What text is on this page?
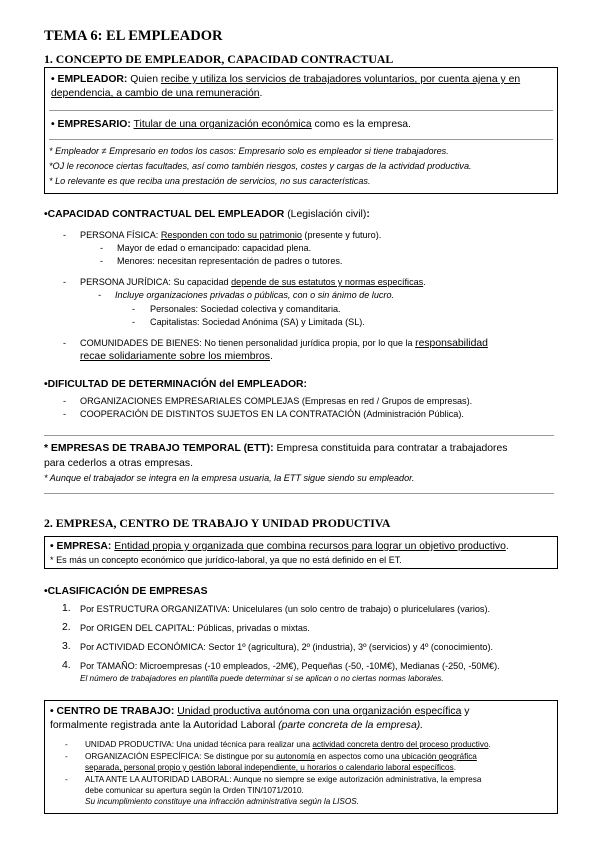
TEMA 6: EL EMPLEADOR
1. CONCEPTO DE EMPLEADOR, CAPACIDAD CONTRACTUAL
• EMPLEADOR: Quien recibe y utiliza los servicios de trabajadores voluntarios, por cuenta ajena y en
dependencia, a cambio de una remuneración.
• EMPRESARIO: Titular de una organización económica como es la empresa.
* Empleador ≠ Empresario en todos los casos: Empresario solo es empleador si tiene trabajadores.
*OJ le reconoce ciertas facultades, así como también riesgos, costes y cargas de la actividad productiva.
* Lo relevante es que reciba una prestación de servicios, no sus características.
•CAPACIDAD CONTRACTUAL DEL EMPLEADOR (Legislación civil):
- PERSONA FÍSICA: Responden con todo su patrimonio (presente y futuro).
- Mayor de edad o emancipado: capacidad plena.
- Menores: necesitan representación de padres o tutores.
- PERSONA JURÍDICA: Su capacidad depende de sus estatutos y normas específicas.
- Incluye organizaciones privadas o públicas, con o sin ánimo de lucro.
- Personales: Sociedad colectiva y comanditaria.
- Capitalistas: Sociedad Anónima (SA) y Limitada (SL).
- COMUNIDADES DE BIENES: No tienen personalidad jurídica propia, por lo que la responsabilidad
recae solidariamente sobre los miembros.
•DIFICULTAD DE DETERMINACIÓN del EMPLEADOR:
- ORGANIZACIONES EMPRESARIALES COMPLEJAS (Empresas en red / Grupos de empresas).
- COOPERACIÓN DE DISTINTOS SUJETOS EN LA CONTRATACIÓN (Administración Pública).
* EMPRESAS DE TRABAJO TEMPORAL (ETT): Empresa constituida para contratar a trabajadores
para cederlos a otras empresas.
* Aunque el trabajador se integra en la empresa usuaria, la ETT sigue siendo su empleador.
2. EMPRESA, CENTRO DE TRABAJO Y UNIDAD PRODUCTIVA
• EMPRESA: Entidad propia y organizada que combina recursos para lograr un objetivo productivo.
* Es más un concepto económico que jurídico-laboral, ya que no está definido en el ET.
•CLASIFICACIÓN DE EMPRESAS
1. Por ESTRUCTURA ORGANIZATIVA: Unicelulares (un solo centro de trabajo) o pluricelulares (varios).
2. Por ORIGEN DEL CAPITAL: Públicas, privadas o mixtas.
3. Por ACTIVIDAD ECONÓMICA: Sector 1º (agricultura), 2º (industria), 3º (servicios) y 4º (conocimiento).
4. Por TAMAÑO: Microempresas (-10 empleados, -2M€), Pequeñas (-50, -10M€), Medianas (-250, -50M€).
El número de trabajadores en plantilla puede determinar si se aplican o no ciertas normas laborales.
• CENTRO DE TRABAJO: Unidad productiva autónoma con una organización específica y
formalmente registrada ante la Autoridad Laboral (parte concreta de la empresa).
- UNIDAD PRODUCTIVA: Una unidad técnica para realizar una actividad concreta dentro del proceso productivo.
- ORGANIZACIÓN ESPECÍFICA: Se distingue por su autonomía en aspectos como una ubicación geográfica
separada, personal propio y gestión laboral independiente, u horarios o calendario laboral específicos.
- ALTA ANTE LA AUTORIDAD LABORAL: Aunque no siempre se exige autorización administrativa, la empresa
debe comunicar su apertura según la Orden TIN/1071/2010.
Su incumplimiento constituye una infracción administrativa según la LISOS.
